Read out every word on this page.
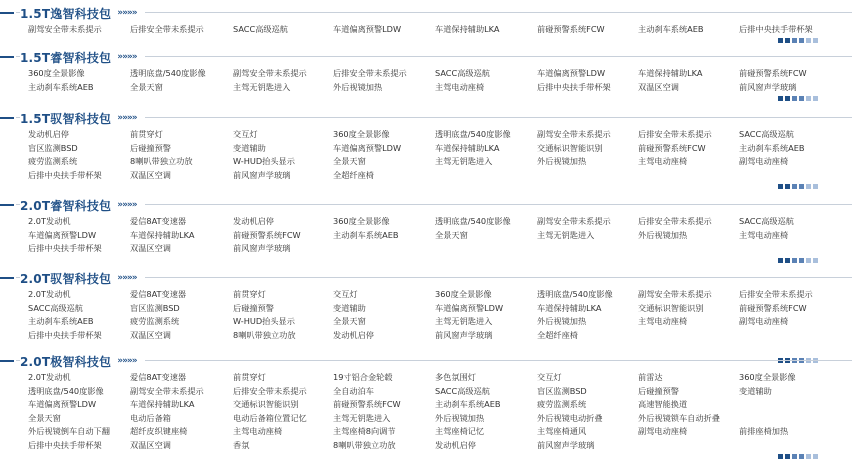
1.5T逸智科技包 »»»»
副驾安全带未系提示	后排安全带未系提示	SACC高级巡航	车道偏离预警LDW	车道保持辅助LKA	前碰预警系统FCW	主动刹车系统AEB	后排中央扶手带杯架
1.5T睿智科技包 »»»»
360度全景影像	透明底盘/540度影像	副驾安全带未系提示	后排安全带未系提示	SACC高级巡航	车道偏离预警LDW	车道保持辅助LKA	前碰预警系统FCW
主动刹车系统AEB	全景天窗	主驾无钥匙进入	外后视镜加热	主驾电动座椅	后排中央扶手带杯架	双温区空调	前风窗声学玻璃
1.5T驭智科技包 »»»»
发动机启停	前贯穿灯	交互灯	360度全景影像	透明底盘/540度影像	副驾安全带未系提示	后排安全带未系提示	SACC高级巡航
盲区监测BSD	后碰撞预警	变道辅助	车道偏离预警LDW	车道保持辅助LKA	交通标识智能识别	前碰预警系统FCW	主动刹车系统AEB
疲劳监测系统	8喇叭带独立功放	W-HUD抬头显示	全景天窗	主驾无钥匙进入	外后视镜加热	主驾电动座椅	副驾电动座椅
后排中央扶手带杯架	双温区空调	前风窗声学玻璃	全超纤座椅
2.0T睿智科技包 »»»»
2.0T发动机	爱信8AT变速器	发动机启停	360度全景影像	透明底盘/540度影像	副驾安全带未系提示	后排安全带未系提示	SACC高级巡航
车道偏离预警LDW	车道保持辅助LKA	前碰预警系统FCW	主动刹车系统AEB	全景天窗	主驾无钥匙进入	外后视镜加热	主驾电动座椅
后排中央扶手带杯架	双温区空调	前风窗声学玻璃
2.0T驭智科技包 »»»»
2.0T发动机	爱信8AT变速器	前贯穿灯	交互灯	360度全景影像	透明底盘/540度影像	副驾安全带未系提示	后排安全带未系提示
SACC高级巡航	盲区监测BSD	后碰撞预警	变道辅助	车道偏离预警LDW	车道保持辅助LKA	交通标识智能识别	前碰预警系统FCW
主动刹车系统AEB	疲劳监测系统	W-HUD抬头显示	全景天窗	主驾无钥匙进入	外后视镜加热	主驾电动座椅	副驾电动座椅
后排中央扶手带杯架	双温区空调	8喇叭带独立功放	发动机启停	前风窗声学玻璃	全超纤座椅
2.0T极智科技包 »»»»
2.0T发动机	爱信8AT变速器	前贯穿灯	19寸铝合金轮毂	多色氛围灯	交互灯	前雷达	360度全景影像
透明底盘/540度影像	副驾安全带未系提示	后排安全带未系提示	全自动泊车	SACC高级巡航	盲区监测BSD	后碰撞预警	变道辅助
车道偏离预警LDW	车道保持辅助LKA	交通标识智能识别	前碰预警系统FCW	主动刹车系统AEB	疲劳监测系统	高速智能换道
全景天窗	电动后备箱	电动后备箱位置记忆	主驾无钥匙进入	外后视镜加热	外后视镜电动折叠	外后视镜锁车自动折叠
外后视镜倒车自动下翻	超纤皮织键座椅	主驾电动座椅	主驾座椅8向调节	主驾座椅记忆	主驾座椅通风	副驾电动座椅	前排座椅加热
后排中央扶手带杯架	双温区空调	香氛	8喇叭带独立功放	发动机启停	前风窗声学玻璃
